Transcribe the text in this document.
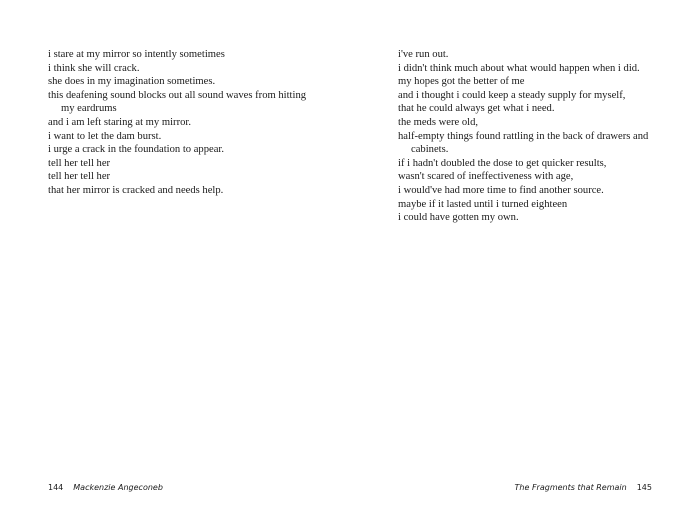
i stare at my mirror so intently sometimes
i think she will crack.
she does in my imagination sometimes.
this deafening sound blocks out all sound waves from hitting
my eardrums
and i am left staring at my mirror.
i want to let the dam burst.
i urge a crack in the foundation to appear.
tell her tell her
tell her tell her
that her mirror is cracked and needs help.
144 Mackenzie Angeconeb
i've run out.
i didn't think much about what would happen when i did.
my hopes got the better of me
and i thought i could keep a steady supply for myself,
that he could always get what i need.
the meds were old,
half-empty things found rattling in the back of drawers and
cabinets.
if i hadn't doubled the dose to get quicker results,
wasn't scared of ineffectiveness with age,
i would've had more time to find another source.
maybe if it lasted until i turned eighteen
i could have gotten my own.
The Fragments that Remain 145
